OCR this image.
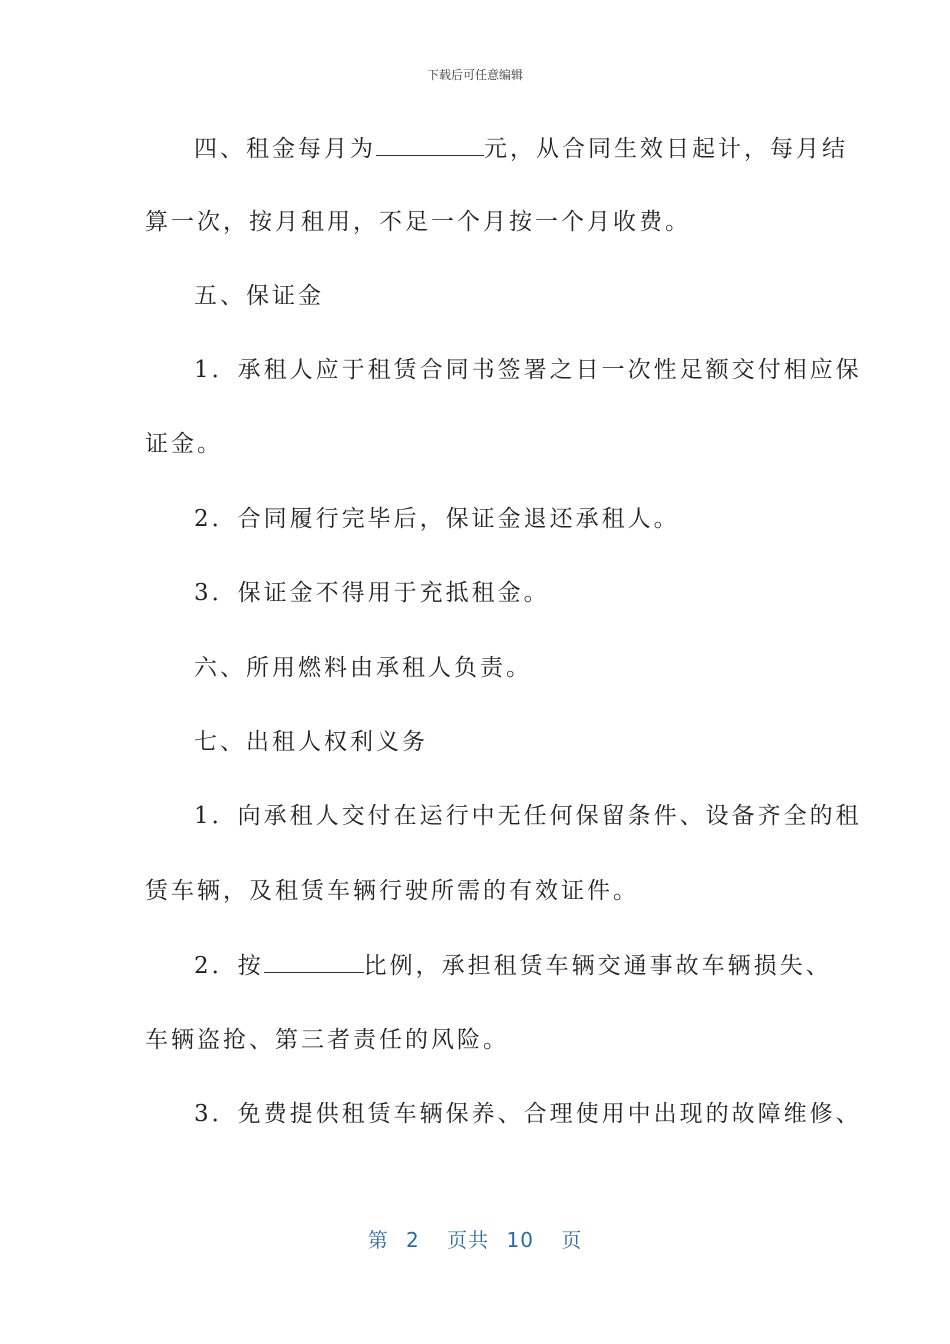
下载后可任意编辑
四、租金每月为	元，从合同生效日起计，每月结
算一次，按月租用，不足一个月按一个月收费。
五、保证金
1．承租人应于租赁合同书签署之日一次性足额交付相应保
证金。
2．合同履行完毕后，保证金退还承租人。
3．保证金不得用于充抵租金。
六、所用燃料由承租人负责。
七、出租人权利义务
1．向承租人交付在运行中无任何保留条件、设备齐全的租
赁车辆，及租赁车辆行驶所需的有效证件。
2．按	比例，承担租赁车辆交通事故车辆损失、
车辆盗抢、第三者责任的风险。
3．免费提供租赁车辆保养、合理使用中出现的故障维修、
第 2 页共 10 页
